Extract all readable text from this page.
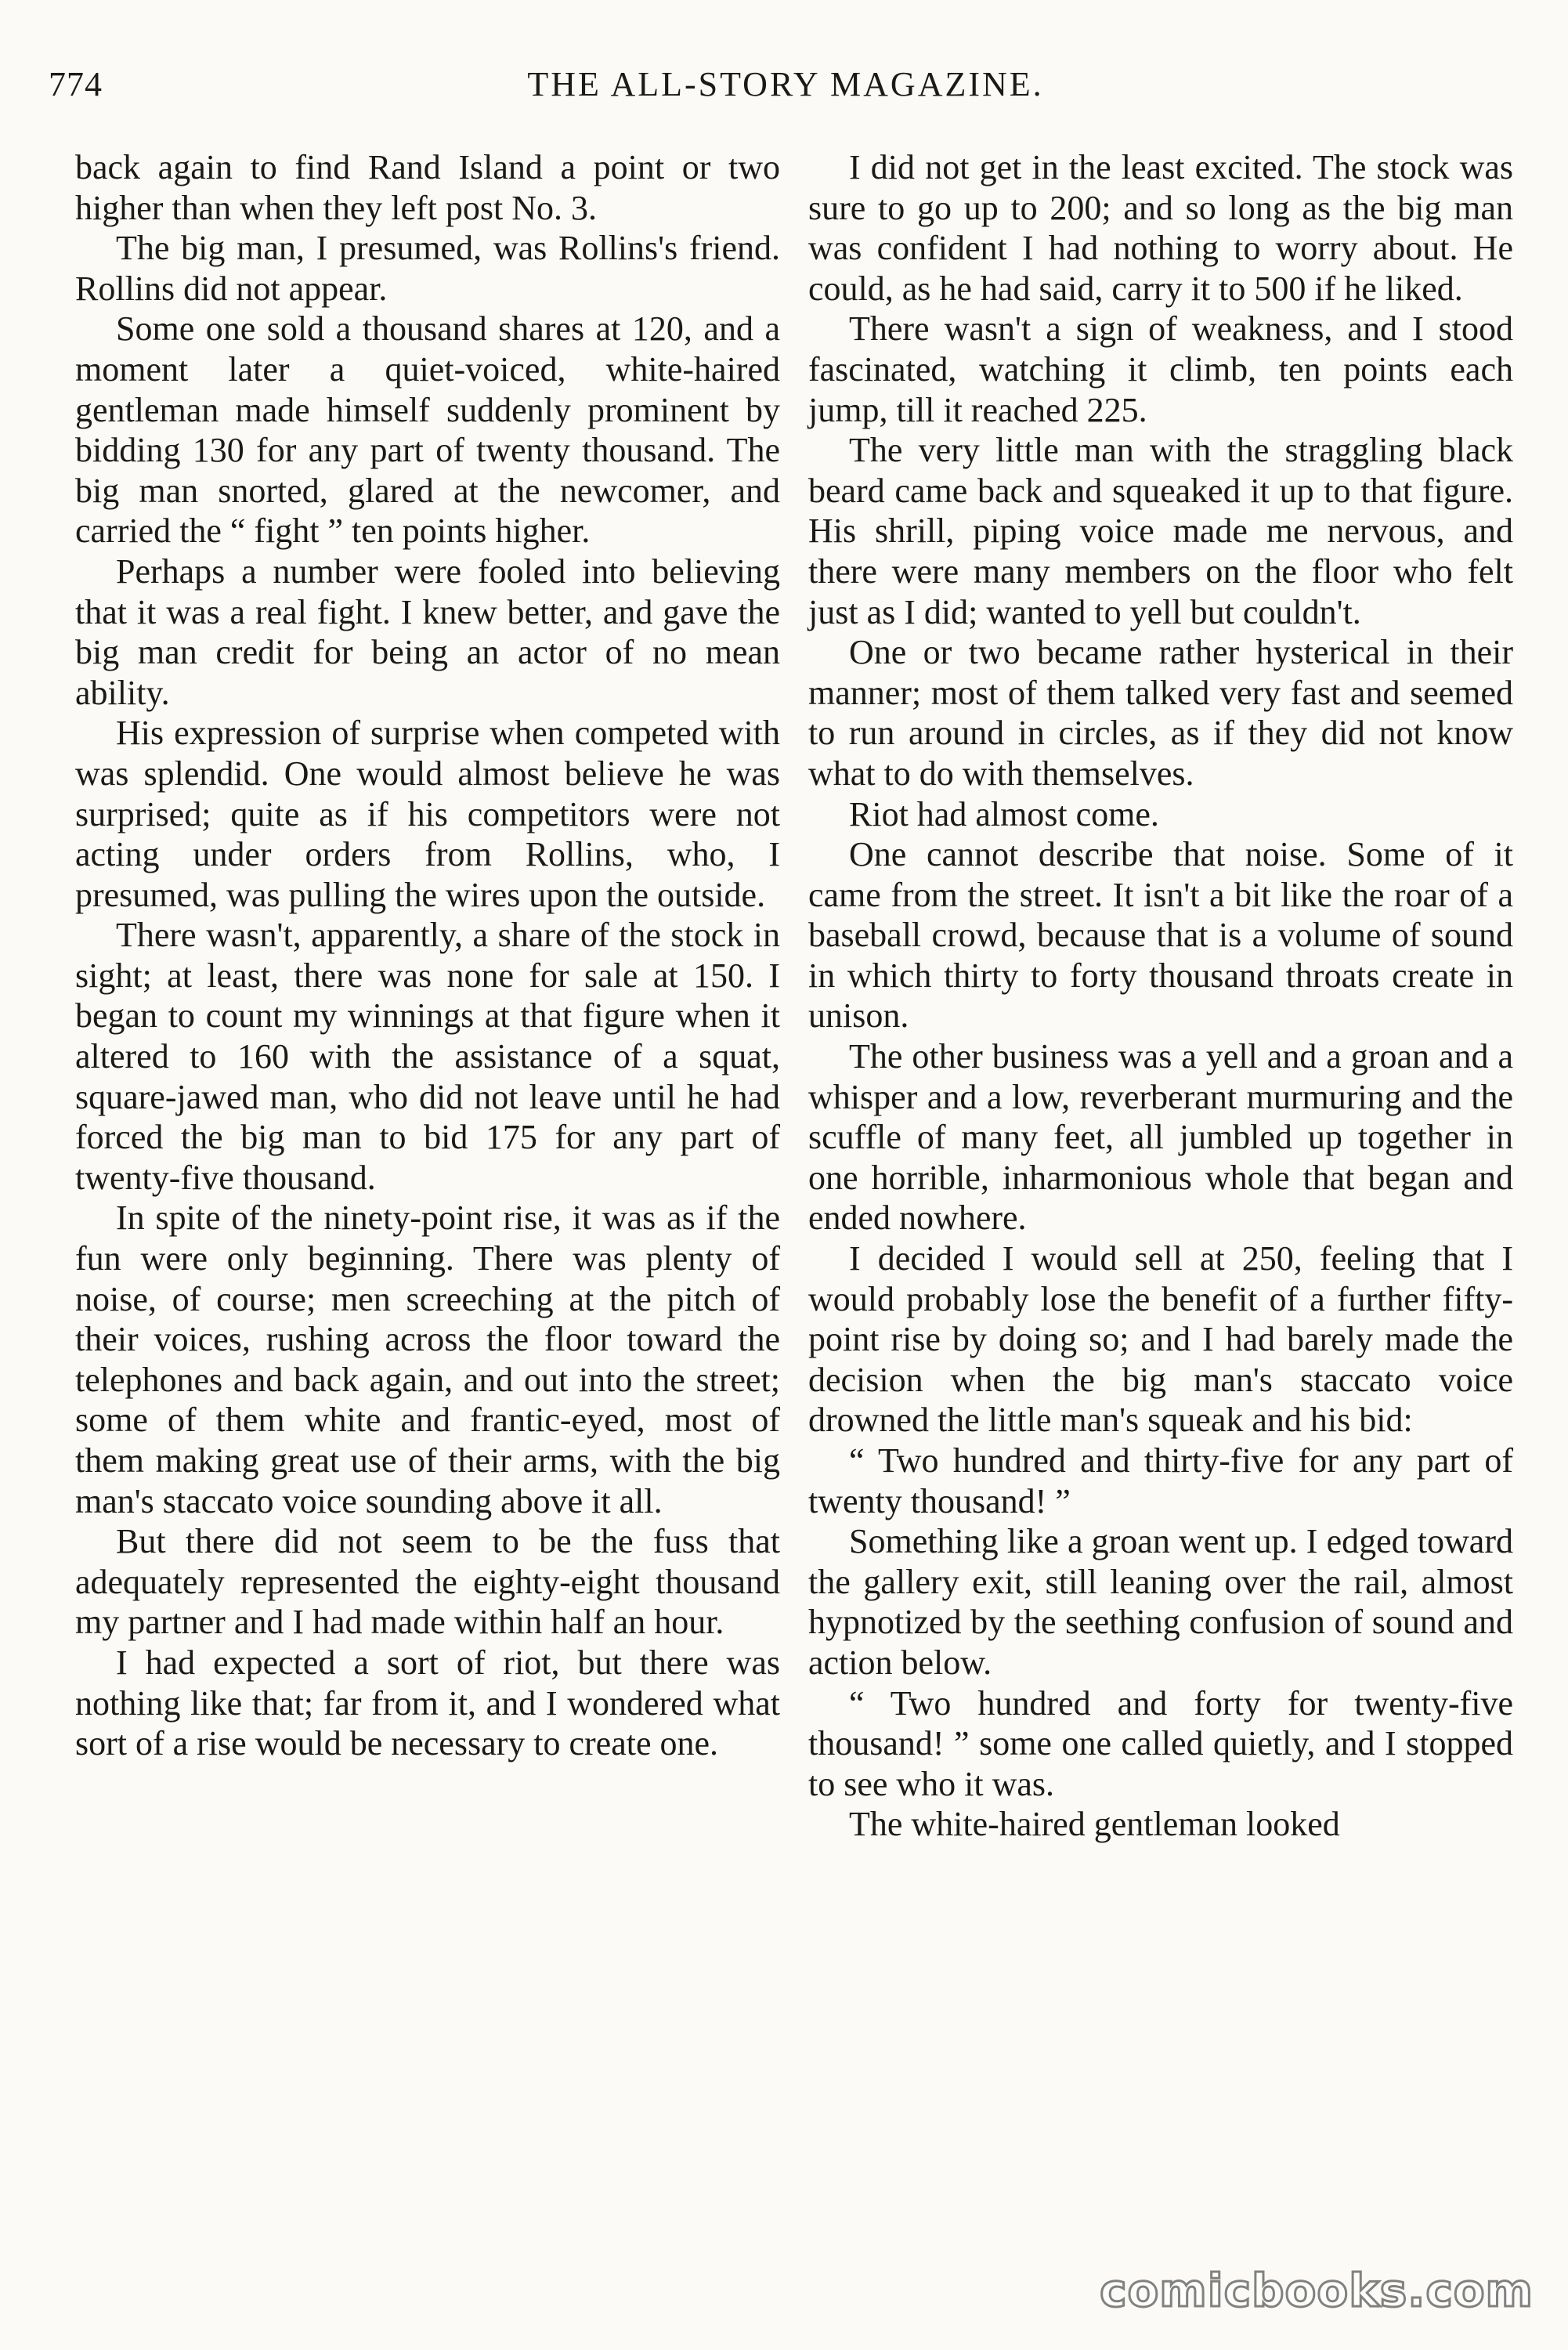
774	THE ALL-STORY MAGAZINE.

back again to find Rand Island a point or two higher than when they left post No. 3.

The big man, I presumed, was Rollins's friend. Rollins did not appear.

Some one sold a thousand shares at 120, and a moment later a quiet-voiced, white-haired gentleman made himself suddenly prominent by bidding 130 for any part of twenty thousand. The big man snorted, glared at the newcomer, and carried the “ fight ” ten points higher.

Perhaps a number were fooled into believing that it was a real fight. I knew better, and gave the big man credit for being an actor of no mean ability.

His expression of surprise when competed with was splendid. One would almost believe he was surprised; quite as if his competitors were not acting under orders from Rollins, who, I presumed, was pulling the wires upon the outside.

There wasn't, apparently, a share of the stock in sight; at least, there was none for sale at 150. I began to count my winnings at that figure when it altered to 160 with the assistance of a squat, square-jawed man, who did not leave until he had forced the big man to bid 175 for any part of twenty-five thousand.

In spite of the ninety-point rise, it was as if the fun were only beginning. There was plenty of noise, of course; men screeching at the pitch of their voices, rushing across the floor toward the telephones and back again, and out into the street; some of them white and frantic-eyed, most of them making great use of their arms, with the big man's staccato voice sounding above it all.

But there did not seem to be the fuss that adequately represented the eighty-eight thousand my partner and I had made within half an hour.

I had expected a sort of riot, but there was nothing like that; far from it, and I wondered what sort of a rise would be necessary to create one.

I did not get in the least excited. The stock was sure to go up to 200; and so long as the big man was confident I had nothing to worry about. He could, as he had said, carry it to 500 if he liked.

There wasn't a sign of weakness, and I stood fascinated, watching it climb, ten points each jump, till it reached 225.

The very little man with the straggling black beard came back and squeaked it up to that figure. His shrill, piping voice made me nervous, and there were many members on the floor who felt just as I did; wanted to yell but couldn't.

One or two became rather hysterical in their manner; most of them talked very fast and seemed to run around in circles, as if they did not know what to do with themselves.

Riot had almost come.

One cannot describe that noise. Some of it came from the street. It isn't a bit like the roar of a baseball crowd, because that is a volume of sound in which thirty to forty thousand throats create in unison.

The other business was a yell and a groan and a whisper and a low, reverberant murmuring and the scuffle of many feet, all jumbled up together in one horrible, inharmonious whole that began and ended nowhere.

I decided I would sell at 250, feeling that I would probably lose the benefit of a further fifty-point rise by doing so; and I had barely made the decision when the big man's staccato voice drowned the little man's squeak and his bid:

“ Two hundred and thirty-five for any part of twenty thousand! ”

Something like a groan went up. I edged toward the gallery exit, still leaning over the rail, almost hypnotized by the seething confusion of sound and action below.

“ Two hundred and forty for twenty-five thousand! ” some one called quietly, and I stopped to see who it was.

The white-haired gentleman looked

comicbooks.com
